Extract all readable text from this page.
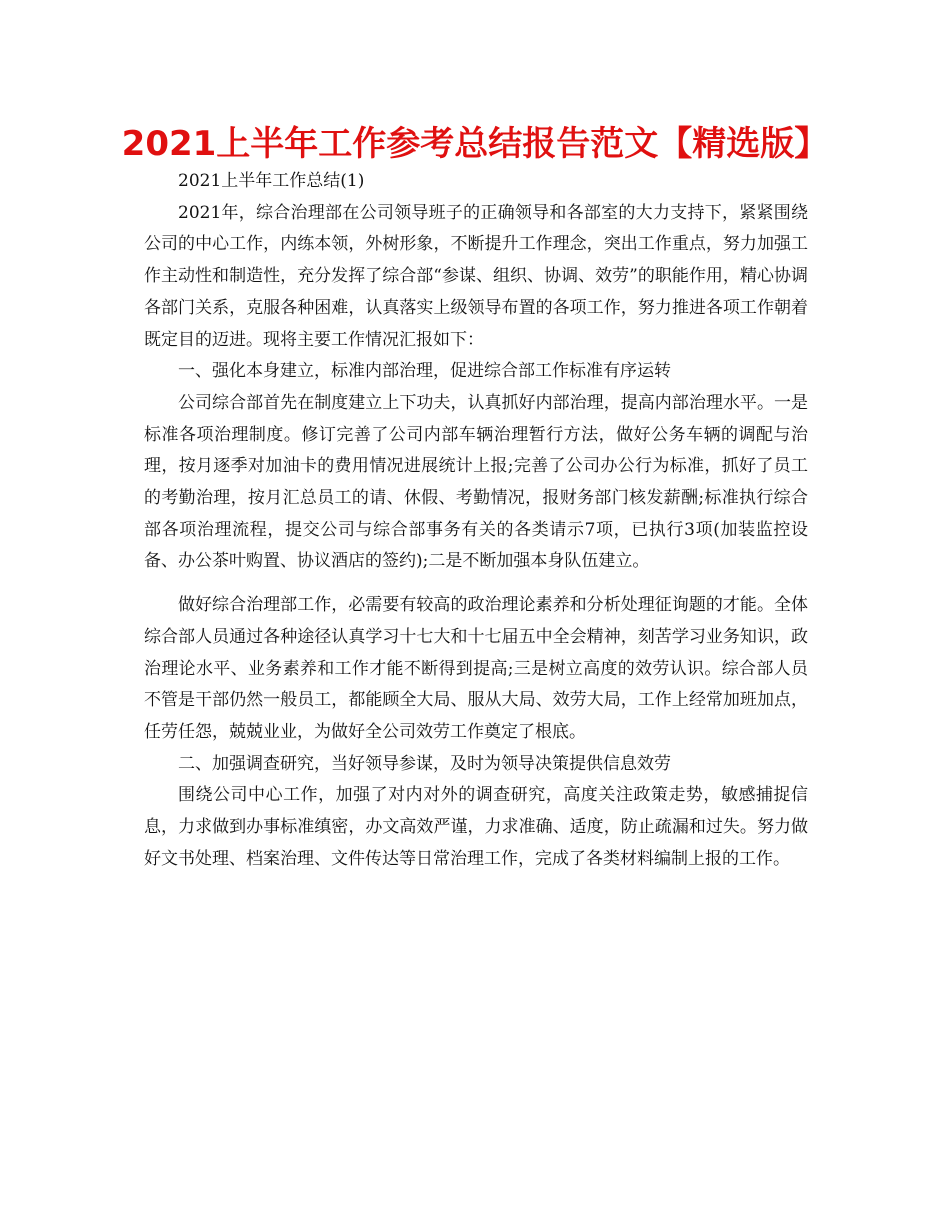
2021上半年工作参考总结报告范文【精选版】

2021上半年工作总结(1)

2021年，综合治理部在公司领导班子的正确领导和各部室的大力支持下，紧紧围绕公司的中心工作，内练本领，外树形象，不断提升工作理念，突出工作重点，努力加强工作主动性和制造性，充分发挥了综合部“参谋、组织、协调、效劳”的职能作用，精心协调各部门关系，克服各种困难，认真落实上级领导布置的各项工作，努力推进各项工作朝着既定目的迈进。现将主要工作情况汇报如下：

一、强化本身建立，标准内部治理，促进综合部工作标准有序运转

公司综合部首先在制度建立上下功夫，认真抓好内部治理，提高内部治理水平。一是标准各项治理制度。修订完善了公司内部车辆治理暂行方法，做好公务车辆的调配与治理，按月逐季对加油卡的费用情况进展统计上报;完善了公司办公行为标准，抓好了员工的考勤治理，按月汇总员工的请、休假、考勤情况，报财务部门核发薪酬;标准执行综合部各项治理流程，提交公司与综合部事务有关的各类请示7项，已执行3项(加装监控设备、办公茶叶购置、协议酒店的签约);二是不断加强本身队伍建立。

做好综合治理部工作，必需要有较高的政治理论素养和分析处理征询题的才能。全体综合部人员通过各种途径认真学习十七大和十七届五中全会精神，刻苦学习业务知识，政治理论水平、业务素养和工作才能不断得到提高;三是树立高度的效劳认识。综合部人员不管是干部仍然一般员工，都能顾全大局、服从大局、效劳大局，工作上经常加班加点，任劳任怨，兢兢业业，为做好全公司效劳工作奠定了根底。

二、加强调查研究，当好领导参谋，及时为领导决策提供信息效劳

围绕公司中心工作，加强了对内对外的调查研究，高度关注政策走势，敏感捕捉信息，力求做到办事标准缜密，办文高效严谨，力求准确、适度，防止疏漏和过失。努力做好文书处理、档案治理、文件传达等日常治理工作，完成了各类材料编制上报的工作。
